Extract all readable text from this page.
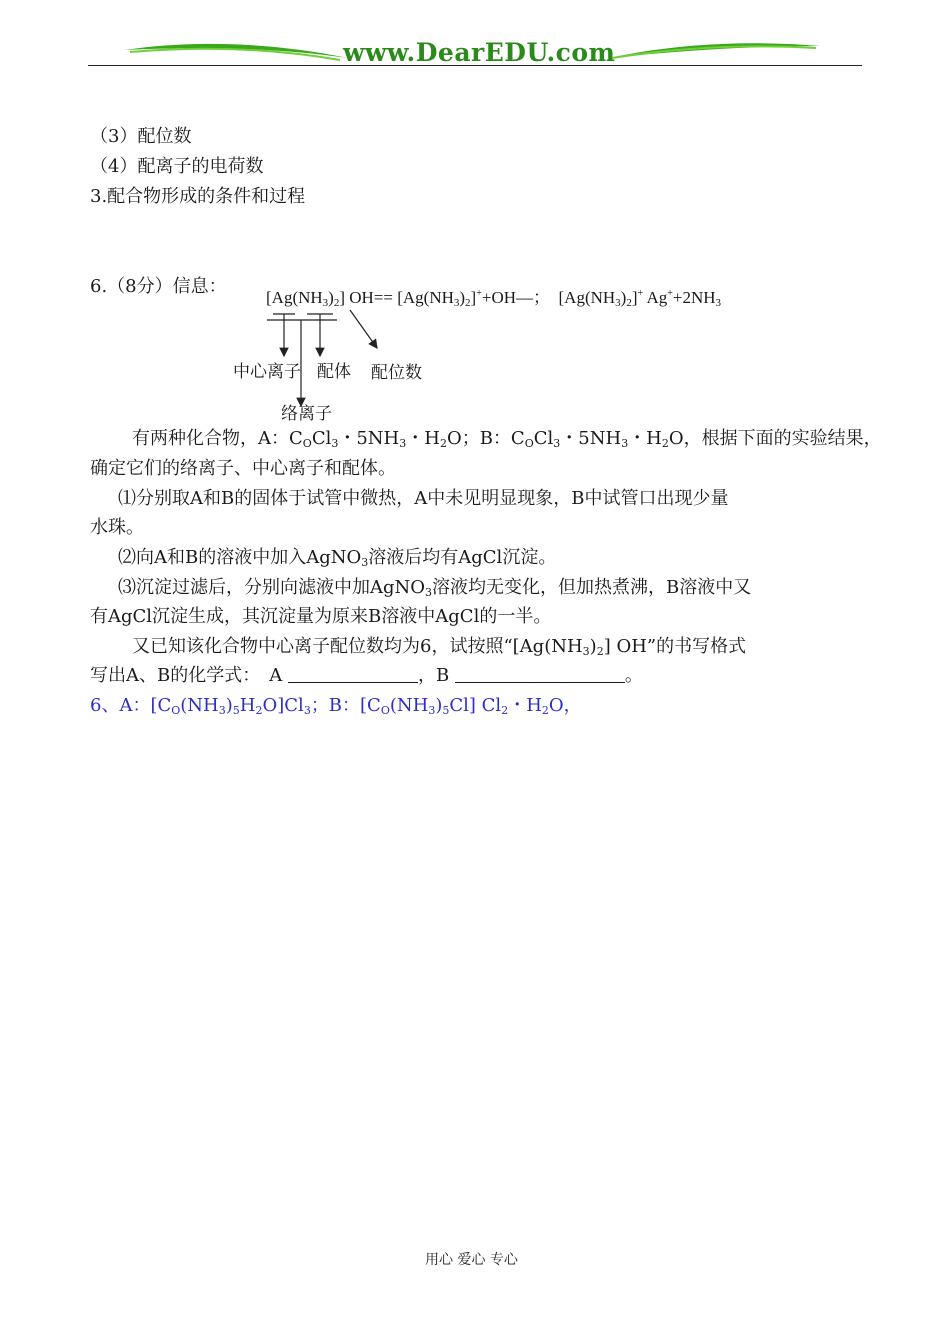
www.DearEDU.com
（3）配位数
（4）配离子的电荷数
3.配合物形成的条件和过程
6.（8分）信息：
$[Ag(NH_3)_2]$ $OH== [Ag(NH_3)_2]^++OH—$；　$[Ag(NH_3)_2]^+$ $Ag^++2NH_3$
中心离子 配体 配位数
络离子
有两种化合物，A：$C_OCl_3$・$5NH_3$・$H_2O$；B：$C_OCl_3$・$5NH_3$・$H_2O$，根据下面的实验结果，
确定它们的络离子、中心离子和配体。
⑴分别取A和B的固体于试管中微热，A中未见明显现象，B中试管口出现少量
水珠。
⑵向A和B的溶液中加入AgNO$_3$溶液后均有AgCl沉淀。
⑶沉淀过滤后，分别向滤液中加AgNO$_3$溶液均无变化，但加热煮沸，B溶液中又
有AgCl沉淀生成，其沉淀量为原来B溶液中AgCl的一半。
又已知该化合物中心离子配位数均为6，试按照“$[Ag(NH_3)_2]$ OH”的书写格式
写出A、B的化学式：　A	，B	。
6、A：$[C_O(NH_3)_5H_2O]Cl_3$；B：$[C_O(NH_3)_5Cl]$ $Cl_2$・$H_2O$，
用心 爱心 专心
